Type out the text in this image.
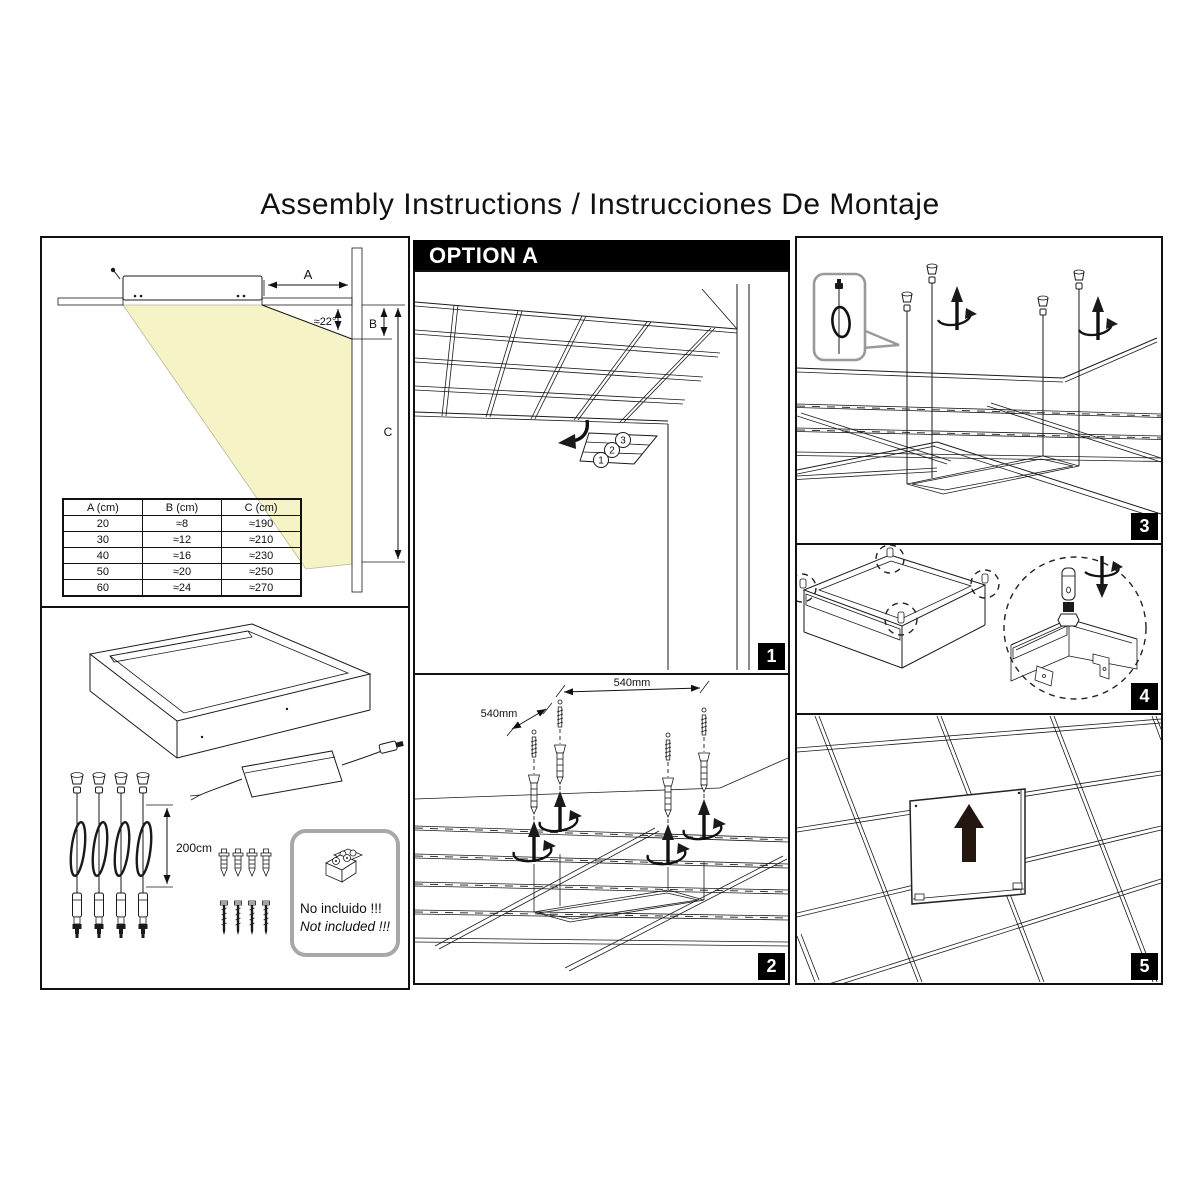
Assembly Instructions / Instrucciones De Montaje
A
≈22°	B
C
A (cm)	B (cm)	C (cm)
20	≈8	≈190
30	≈12	≈210
40	≈16	≈230
50	≈20	≈250
60	≈24	≈270
200cm
No incluido !!!
Not included !!!
OPTION A
3
2
1
1
540mm
540mm
2
3
4
5
